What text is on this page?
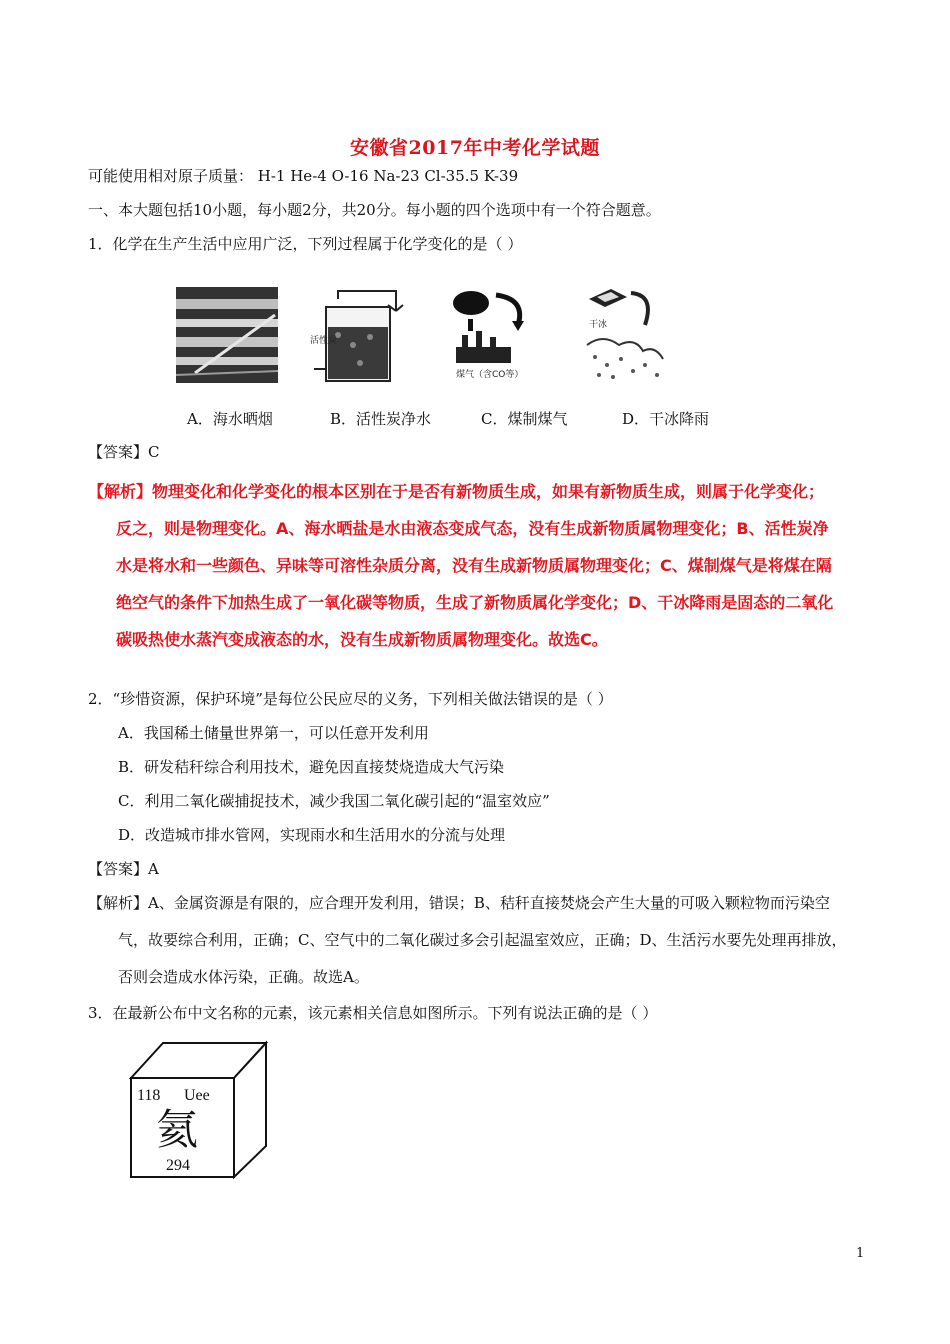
安徽省2017年中考化学试题
可能使用相对原子质量： H-1 He-4 O-16 Na-23 Cl-35.5 K-39
一、本大题包括10小题，每小题2分，共20分。每小题的四个选项中有一个符合题意。
1．化学在生产生活中应用广泛，下列过程属于化学变化的是（ ）
活性炭
煤气（含CO等）
干冰
A．海水晒烟	B．活性炭净水	C．煤制煤气	D．干冰降雨
【答案】C
【解析】物理变化和化学变化的根本区别在于是否有新物质生成，如果有新物质生成，则属于化学变化；
反之，则是物理变化。A、海水晒盐是水由液态变成气态，没有生成新物质属物理变化；B、活性炭净
水是将水和一些颜色、异味等可溶性杂质分离，没有生成新物质属物理变化；C、煤制煤气是将煤在隔
绝空气的条件下加热生成了一氧化碳等物质，生成了新物质属化学变化；D、干冰降雨是固态的二氧化
碳吸热使水蒸汽变成液态的水，没有生成新物质属物理变化。故选C。
2．“珍惜资源，保护环境”是每位公民应尽的义务，下列相关做法错误的是（ ）
A．我国稀土储量世界第一，可以任意开发利用
B．研发秸秆综合利用技术，避免因直接焚烧造成大气污染
C．利用二氧化碳捕捉技术，减少我国二氧化碳引起的“温室效应”
D．改造城市排水管网，实现雨水和生活用水的分流与处理
【答案】A
【解析】A、金属资源是有限的，应合理开发利用，错误；B、秸秆直接焚烧会产生大量的可吸入颗粒物而污染空
气，故要综合利用，正确；C、空气中的二氧化碳过多会引起温室效应，正确；D、生活污水要先处理再排放，
否则会造成水体污染，正确。故选A。
3．在最新公布中文名称的元素，该元素相关信息如图所示。下列有说法正确的是（ ）
118 Uee
氦
294
1
